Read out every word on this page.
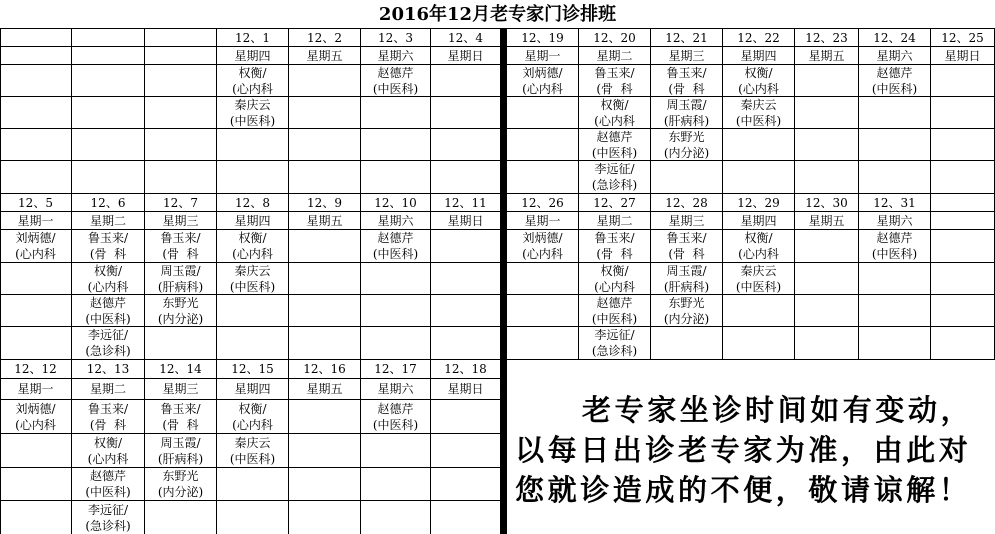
2016年12月老专家门诊排班
12、1
星期四
权衡/
(心内科
秦庆云
(中医科)
12、2
星期五
12、3
星期六
赵德芹
(中医科)
12、4
星期日
12、5
星期一
刘炳德/
(心内科
12、6
星期二
鲁玉来/
(骨  科
权衡/
(心内科
赵德芹
(中医科)
李远征/
(急诊科)
12、7
星期三
鲁玉来/
(骨  科
周玉霞/
(肝病科)
东野光
(内分泌)
12、8
星期四
权衡/
(心内科
秦庆云
(中医科)
12、9
星期五
12、10
星期六
赵德芹
(中医科)
12、11
星期日
12、12
星期一
刘炳德/
(心内科
12、13
星期二
鲁玉来/
(骨  科
权衡/
(心内科
赵德芹
(中医科)
李远征/
(急诊科)
12、14
星期三
鲁玉来/
(骨  科
周玉霞/
(肝病科)
东野光
(内分泌)
12、15
星期四
权衡/
(心内科
秦庆云
(中医科)
12、16
星期五
12、17
星期六
赵德芹
(中医科)
12、18
星期日
12、19
星期一
刘炳德/
(心内科
12、20
星期二
鲁玉来/
(骨  科
权衡/
(心内科
赵德芹
(中医科)
李远征/
(急诊科)
12、21
星期三
鲁玉来/
(骨  科
周玉霞/
(肝病科)
东野光
(内分泌)
12、22
星期四
权衡/
(心内科
秦庆云
(中医科)
12、23
星期五
12、24
星期六
赵德芹
(中医科)
12、25
星期日
12、26
星期一
刘炳德/
(心内科
12、27
星期二
鲁玉来/
(骨  科
权衡/
(心内科
赵德芹
(中医科)
李远征/
(急诊科)
12、28
星期三
鲁玉来/
(骨  科
周玉霞/
(肝病科)
东野光
(内分泌)
12、29
星期四
权衡/
(心内科
秦庆云
(中医科)
12、30
星期五
12、31
星期六
赵德芹
(中医科)
老专家坐诊时间如有变动，
以每日出诊老专家为准，由此对
您就诊造成的不便，敬请谅解！
